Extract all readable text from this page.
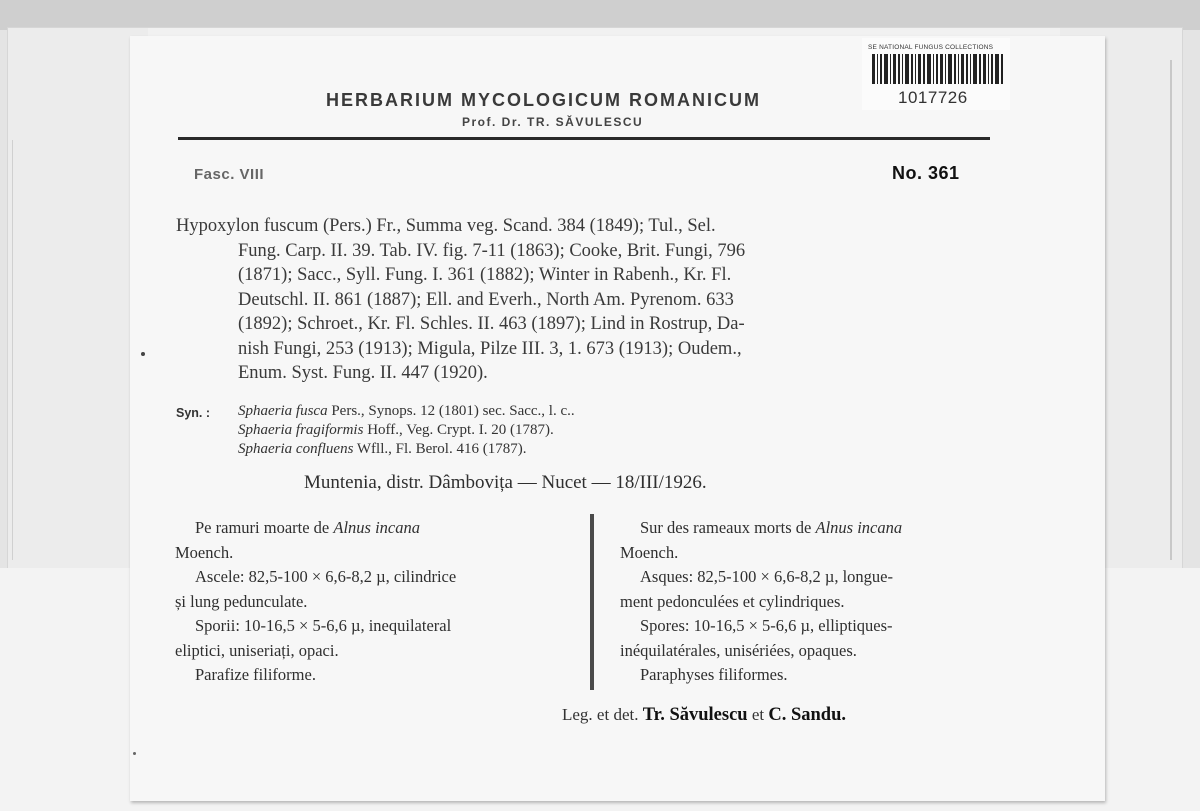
SE NATIONAL FUNGUS COLLECTIONS
1017726
HERBARIUM MYCOLOGICUM ROMANICUM
Prof. Dr. TR. SĂVULESCU
Fasc. VIII	No. 361
Hypoxylon fuscum (Pers.) Fr., Summa veg. Scand. 384 (1849); Tul., Sel.
Fung. Carp. II. 39. Tab. IV. fig. 7-11 (1863); Cooke, Brit. Fungi, 796
(1871); Sacc., Syll. Fung. I. 361 (1882); Winter in Rabenh., Kr. Fl.
Deutschl. II. 861 (1887); Ell. and Everh., North Am. Pyrenom. 633
(1892); Schroet., Kr. Fl. Schles. II. 463 (1897); Lind in Rostrup, Da-
nish Fungi, 253 (1913); Migula, Pilze III. 3, 1. 673 (1913); Oudem.,
Enum. Syst. Fung. II. 447 (1920).
Syn. : Sphaeria fusca Pers., Synops. 12 (1801) sec. Sacc., l. c..
Sphaeria fragiformis Hoff., Veg. Crypt. I. 20 (1787).
Sphaeria confluens Wfll., Fl. Berol. 416 (1787).
Muntenia, distr. Dâmbovița — Nucet — 18/III/1926.
Pe ramuri moarte de Alnus incana
Moench.
Ascele: 82,5-100 × 6,6-8,2 µ, cilindrice
și lung pedunculate.
Sporii: 10-16,5 × 5-6,6 µ, inequilateral
eliptici, uniseriați, opaci.
Parafize filiforme.
Sur des rameaux morts de Alnus incana
Moench.
Asques: 82,5-100 × 6,6-8,2 µ, longue-
ment pedonculées et cylindriques.
Spores: 10-16,5 × 5-6,6 µ, elliptiques-
inéquilatérales, unisériées, opaques.
Paraphyses filiformes.
Leg. et det. Tr. Săvulescu et C. Sandu.
